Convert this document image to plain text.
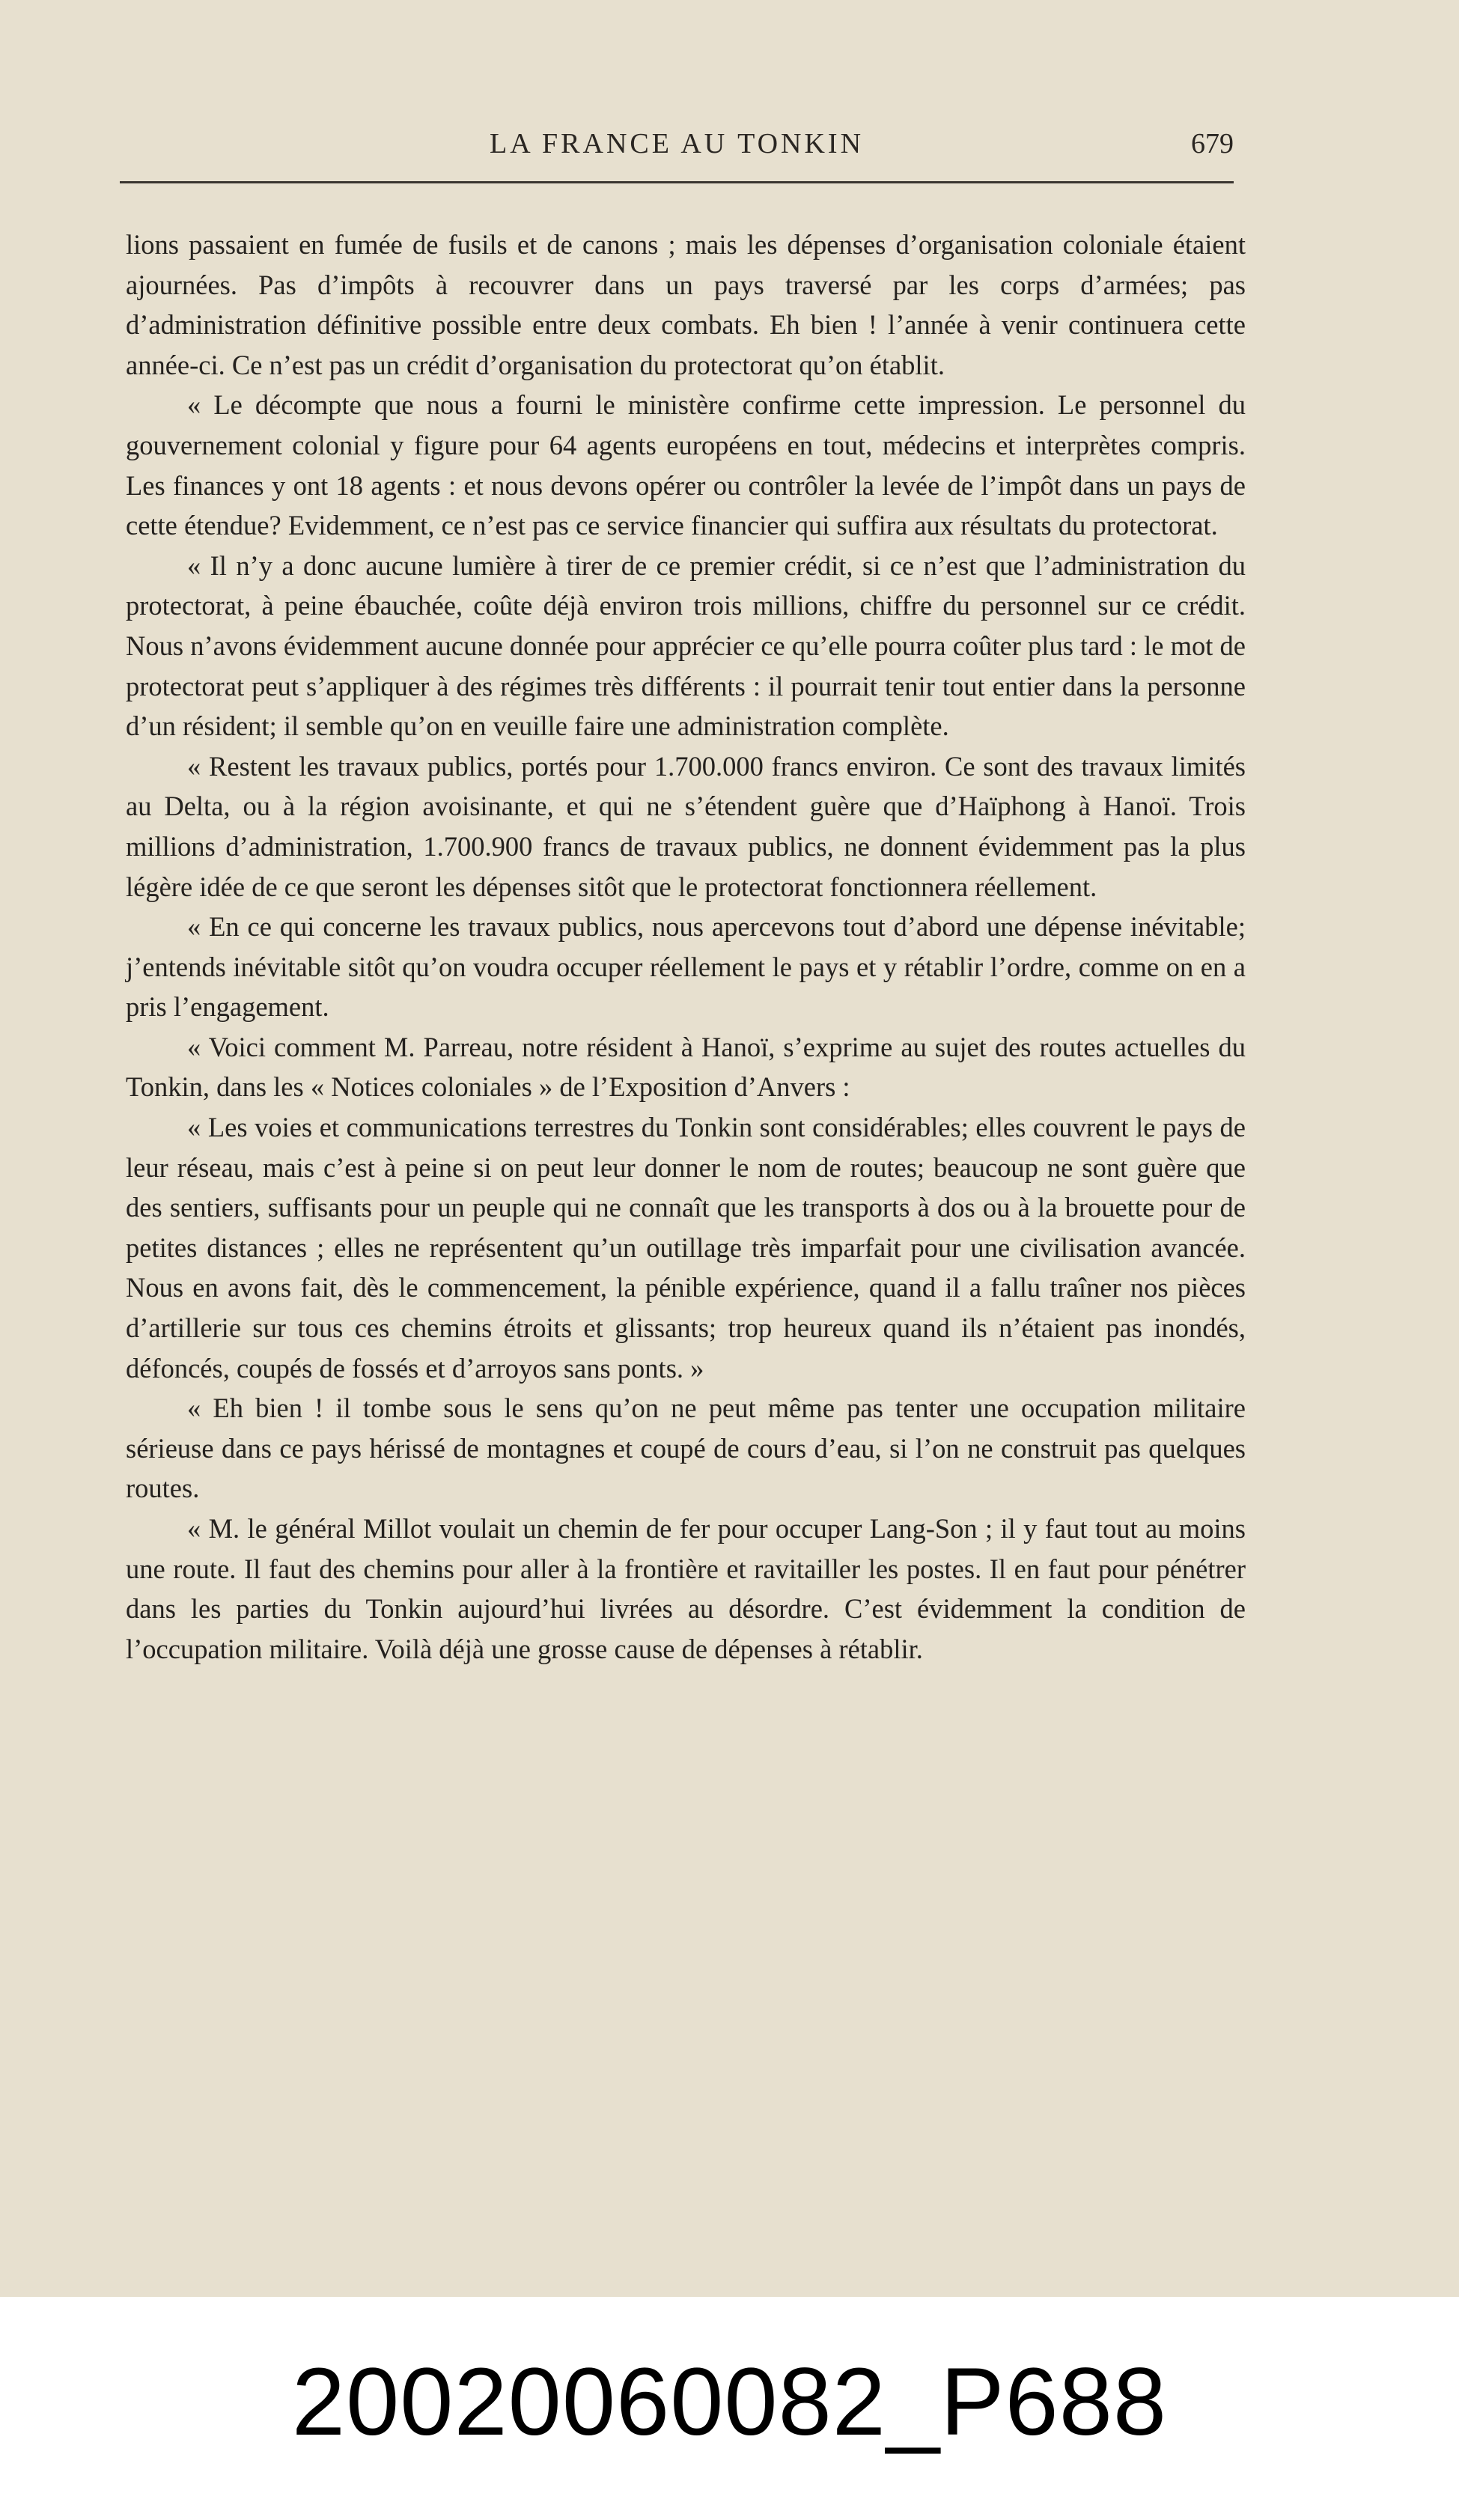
LA FRANCE AU TONKIN	679

lions passaient en fumée de fusils et de canons ; mais les dépenses d’organisation coloniale étaient ajournées. Pas d’impôts à recouvrer dans un pays traversé par les corps d’armées; pas d’administration définitive possible entre deux combats. Eh bien ! l’année à venir continuera cette année-ci. Ce n’est pas un crédit d’organisation du protectorat qu’on établit.

« Le décompte que nous a fourni le ministère confirme cette impression. Le personnel du gouvernement colonial y figure pour 64 agents européens en tout, médecins et interprètes compris. Les finances y ont 18 agents : et nous devons opérer ou contrôler la levée de l’impôt dans un pays de cette étendue? Evidemment, ce n’est pas ce service financier qui suffira aux résultats du protectorat.

« Il n’y a donc aucune lumière à tirer de ce premier crédit, si ce n’est que l’administration du protectorat, à peine ébauchée, coûte déjà environ trois millions, chiffre du personnel sur ce crédit. Nous n’avons évidemment aucune donnée pour apprécier ce qu’elle pourra coûter plus tard : le mot de protectorat peut s’appliquer à des régimes très différents : il pourrait tenir tout entier dans la personne d’un résident; il semble qu’on en veuille faire une administration complète.

« Restent les travaux publics, portés pour 1.700.000 francs environ. Ce sont des travaux limités au Delta, ou à la région avoisinante, et qui ne s’étendent guère que d’Haïphong à Hanoï. Trois millions d’administration, 1.700.900 francs de travaux publics, ne donnent évidemment pas la plus légère idée de ce que seront les dépenses sitôt que le protectorat fonctionnera réellement.

« En ce qui concerne les travaux publics, nous apercevons tout d’abord une dépense inévitable; j’entends inévitable sitôt qu’on voudra occuper réellement le pays et y rétablir l’ordre, comme on en a pris l’engagement.

« Voici comment M. Parreau, notre résident à Hanoï, s’exprime au sujet des routes actuelles du Tonkin, dans les « Notices coloniales » de l’Exposition d’Anvers :

« Les voies et communications terrestres du Tonkin sont considérables; elles couvrent le pays de leur réseau, mais c’est à peine si on peut leur donner le nom de routes; beaucoup ne sont guère que des sentiers, suffisants pour un peuple qui ne connaît que les transports à dos ou à la brouette pour de petites distances ; elles ne représentent qu’un outillage très imparfait pour une civilisation avancée. Nous en avons fait, dès le commencement, la pénible expérience, quand il a fallu traîner nos pièces d’artillerie sur tous ces chemins étroits et glissants; trop heureux quand ils n’étaient pas inondés, défoncés, coupés de fossés et d’arroyos sans ponts. »

« Eh bien ! il tombe sous le sens qu’on ne peut même pas tenter une occupation militaire sérieuse dans ce pays hérissé de montagnes et coupé de cours d’eau, si l’on ne construit pas quelques routes.

« M. le général Millot voulait un chemin de fer pour occuper Lang-Son ; il y faut tout au moins une route. Il faut des chemins pour aller à la frontière et ravitailler les postes. Il en faut pour pénétrer dans les parties du Tonkin aujourd’hui livrées au désordre. C’est évidemment la condition de l’occupation militaire. Voilà déjà une grosse cause de dépenses à rétablir.

20020060082_P688
